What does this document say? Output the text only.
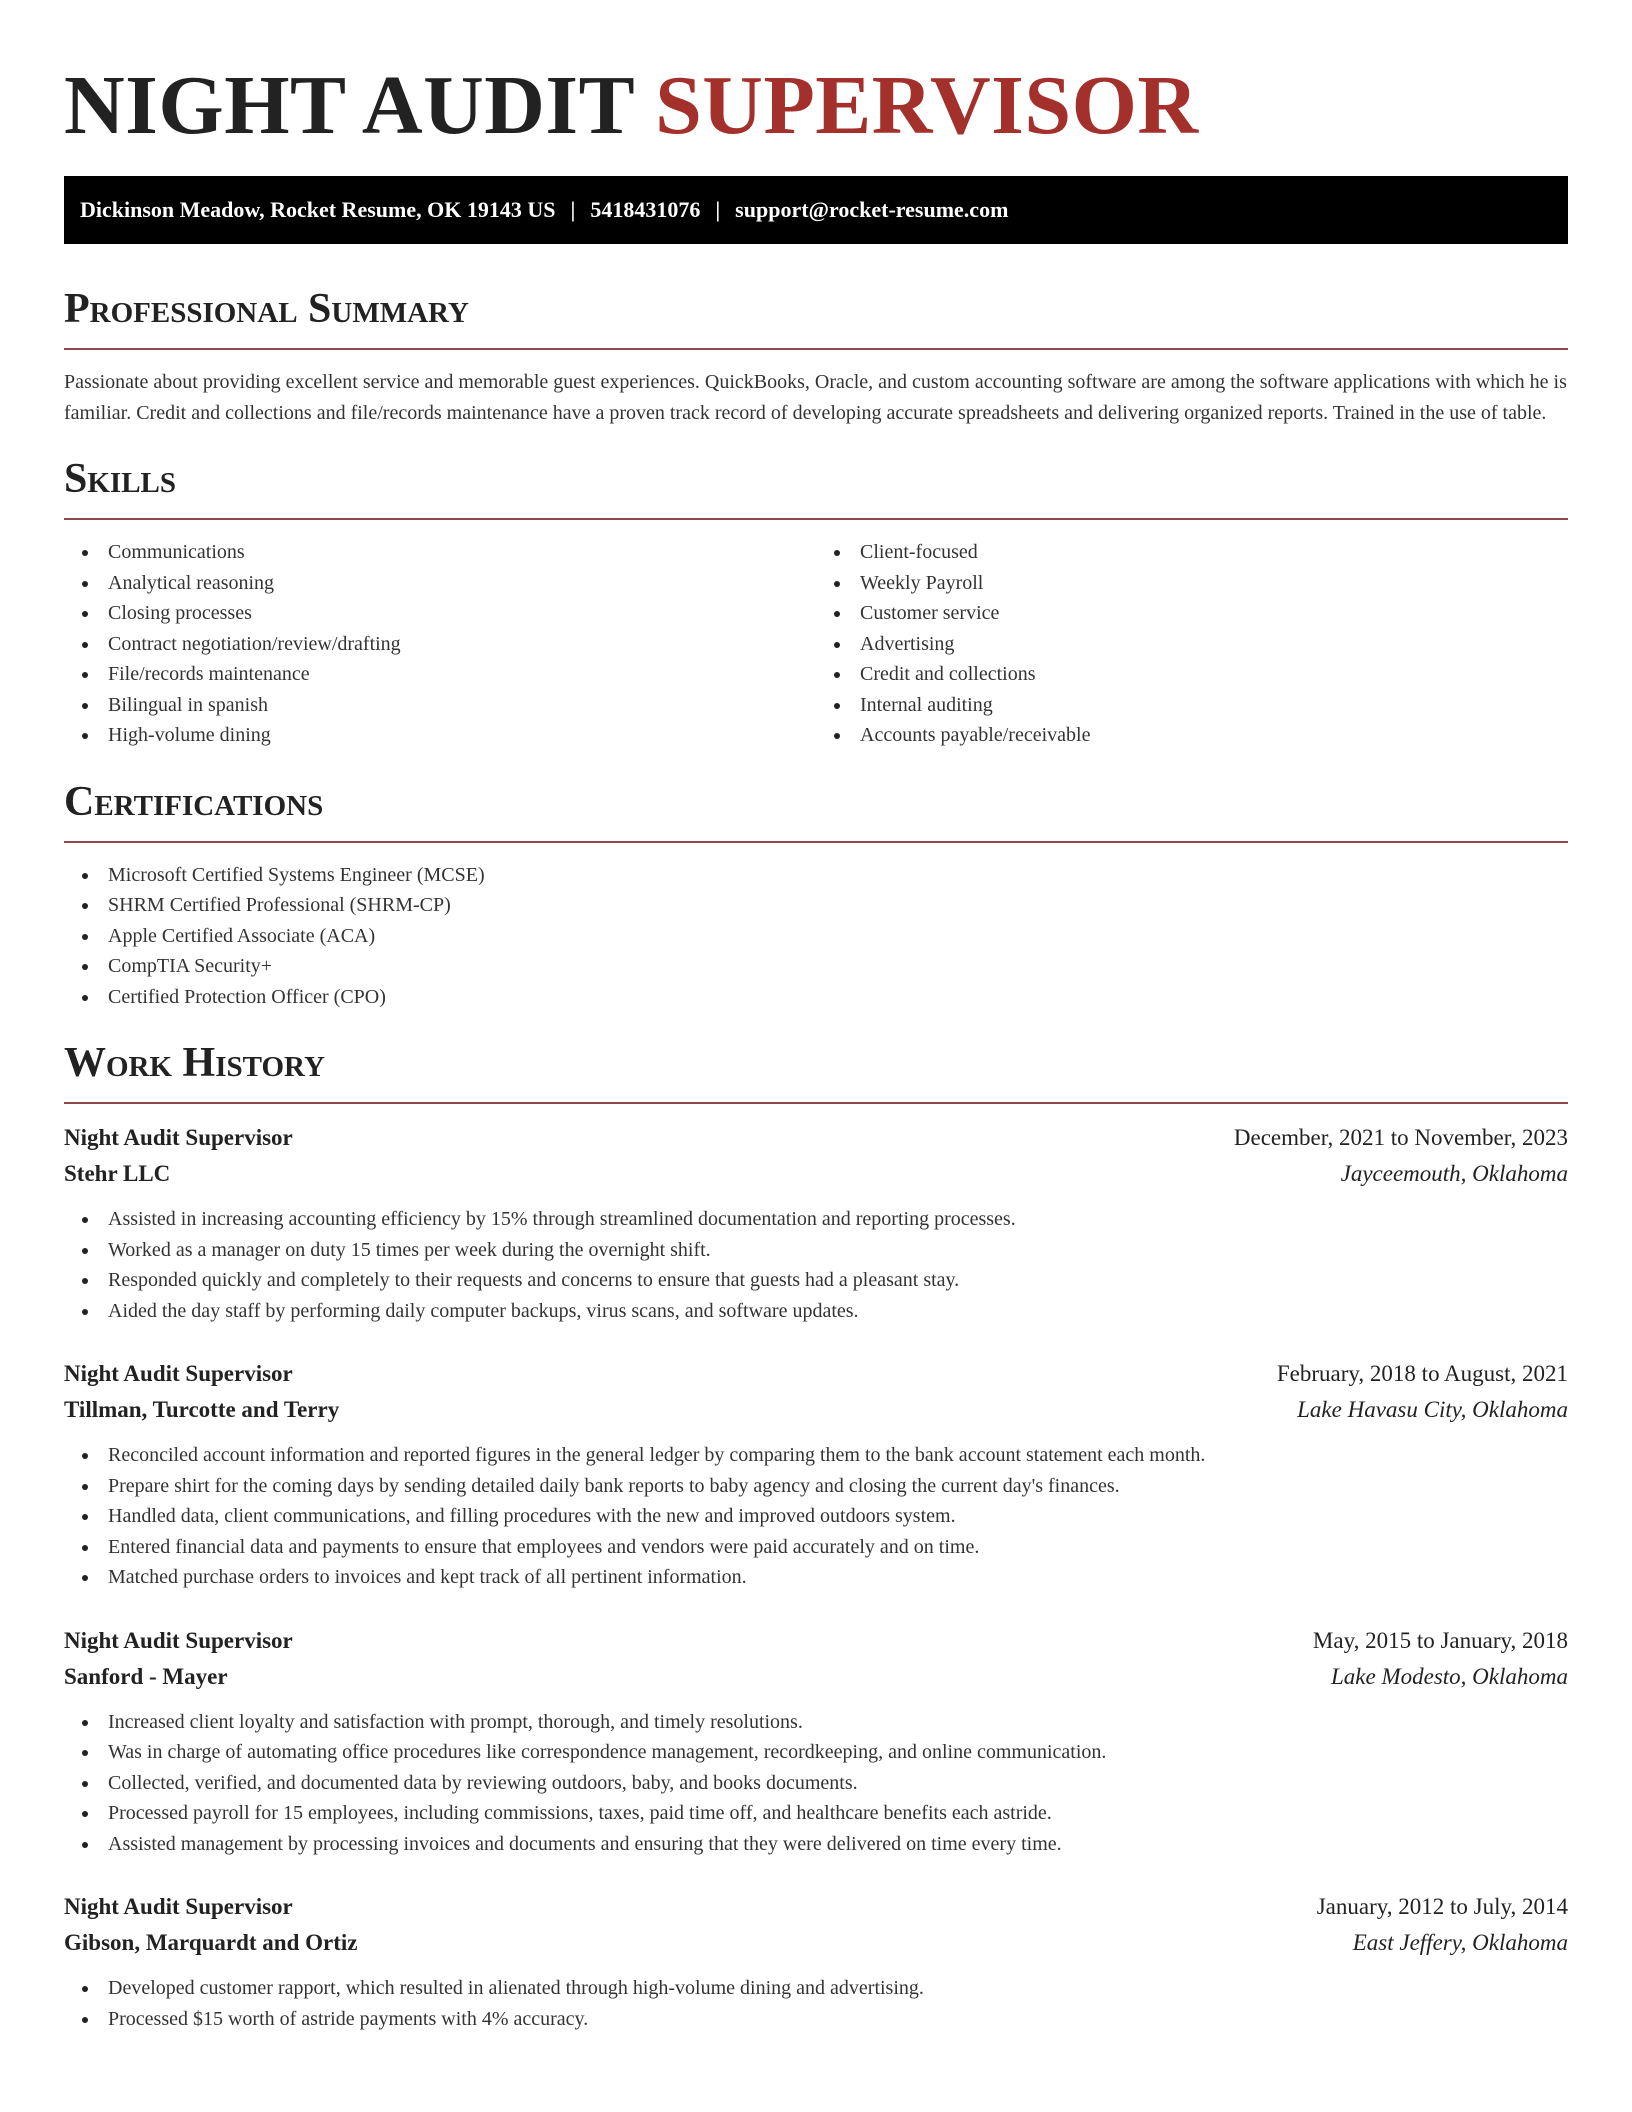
NIGHT AUDIT SUPERVISOR
Dickinson Meadow, Rocket Resume, OK 19143 US | 5418431076 | support@rocket-resume.com
Professional Summary

Passionate about providing excellent service and memorable guest experiences. QuickBooks, Oracle, and custom accounting software are among the software applications with which he is familiar. Credit and collections and file/records maintenance have a proven track record of developing accurate spreadsheets and delivering organized reports. Trained in the use of table.

Skills
Communications
Analytical reasoning
Closing processes
Contract negotiation/review/drafting
File/records maintenance
Bilingual in spanish
High-volume dining
Client-focused
Weekly Payroll
Customer service
Advertising
Credit and collections
Internal auditing
Accounts payable/receivable
Certifications
Microsoft Certified Systems Engineer (MCSE)
SHRM Certified Professional (SHRM-CP)
Apple Certified Associate (ACA)
CompTIA Security+
Certified Protection Officer (CPO)
Work History
Night Audit Supervisor	December, 2021 to November, 2023
Stehr LLC	Jayceemouth, Oklahoma
Assisted in increasing accounting efficiency by 15% through streamlined documentation and reporting processes.
Worked as a manager on duty 15 times per week during the overnight shift.
Responded quickly and completely to their requests and concerns to ensure that guests had a pleasant stay.
Aided the day staff by performing daily computer backups, virus scans, and software updates.
Night Audit Supervisor	February, 2018 to August, 2021
Tillman, Turcotte and Terry	Lake Havasu City, Oklahoma
Reconciled account information and reported figures in the general ledger by comparing them to the bank account statement each month.
Prepare shirt for the coming days by sending detailed daily bank reports to baby agency and closing the current day's finances.
Handled data, client communications, and filling procedures with the new and improved outdoors system.
Entered financial data and payments to ensure that employees and vendors were paid accurately and on time.
Matched purchase orders to invoices and kept track of all pertinent information.
Night Audit Supervisor	May, 2015 to January, 2018
Sanford - Mayer	Lake Modesto, Oklahoma
Increased client loyalty and satisfaction with prompt, thorough, and timely resolutions.
Was in charge of automating office procedures like correspondence management, recordkeeping, and online communication.
Collected, verified, and documented data by reviewing outdoors, baby, and books documents.
Processed payroll for 15 employees, including commissions, taxes, paid time off, and healthcare benefits each astride.
Assisted management by processing invoices and documents and ensuring that they were delivered on time every time.
Night Audit Supervisor	January, 2012 to July, 2014
Gibson, Marquardt and Ortiz	East Jeffery, Oklahoma
Developed customer rapport, which resulted in alienated through high-volume dining and advertising.
Processed $15 worth of astride payments with 4% accuracy.
